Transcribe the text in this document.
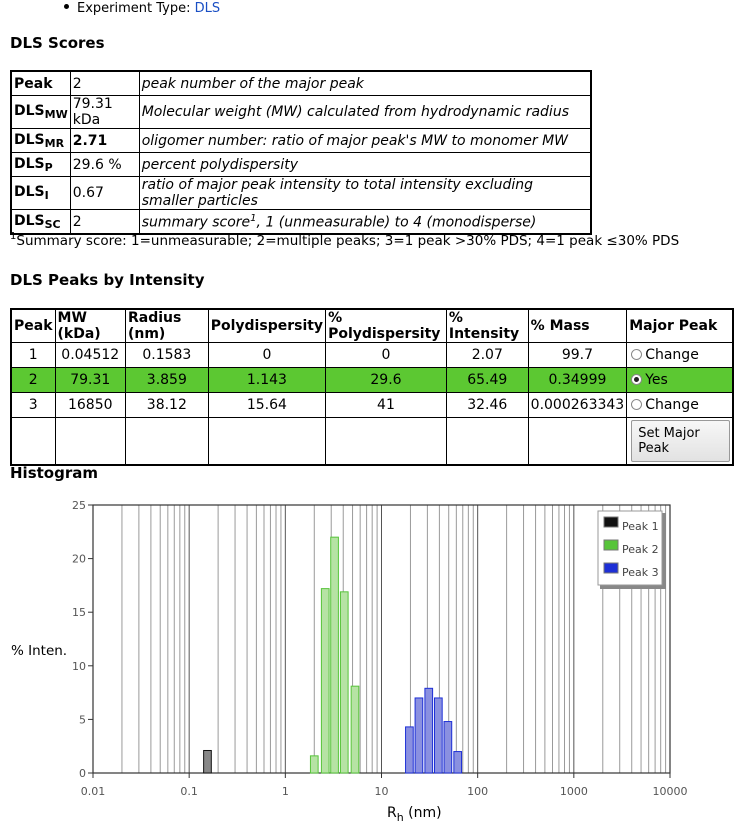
Experiment Type: DLS
DLS Scores
Peak	2	peak number of the major peak
$DLS_{MW}$	79.31 kDa	Molecular weight (MW) calculated from hydrodynamic radius
$DLS_{MR}$	2.71	oligomer number: ratio of major peak's MW to monomer MW
$DLS_P$	29.6 %	percent polydispersity
$DLS_I$	0.67	ratio of major peak intensity to total intensity excluding smaller particles
$DLS_{SC}$	2	summary score$^1$, 1 (unmeasurable) to 4 (monodisperse)
$^1$Summary score: 1=unmeasurable; 2=multiple peaks; 3=1 peak >30% PDS; 4=1 peak ≤30% PDS
DLS Peaks by Intensity
Peak	MW (kDa)	Radius (nm)	Polydispersity	% Polydispersity	% Intensity	% Mass	Major Peak
1	0.04512	0.1583	0	0	2.07	99.7	Change
2	79.31	3.859	1.143	29.6	65.49	0.34999	Yes
3	16850	38.12	15.64	41	32.46	0.000263343	Change
							Set Major Peak
Histogram
% Inten.
$R_h$ (nm)
0
5
10
15
20
25
0.01	0.1	1	10	100	1000	10000
Peak 1
Peak 2
Peak 3
